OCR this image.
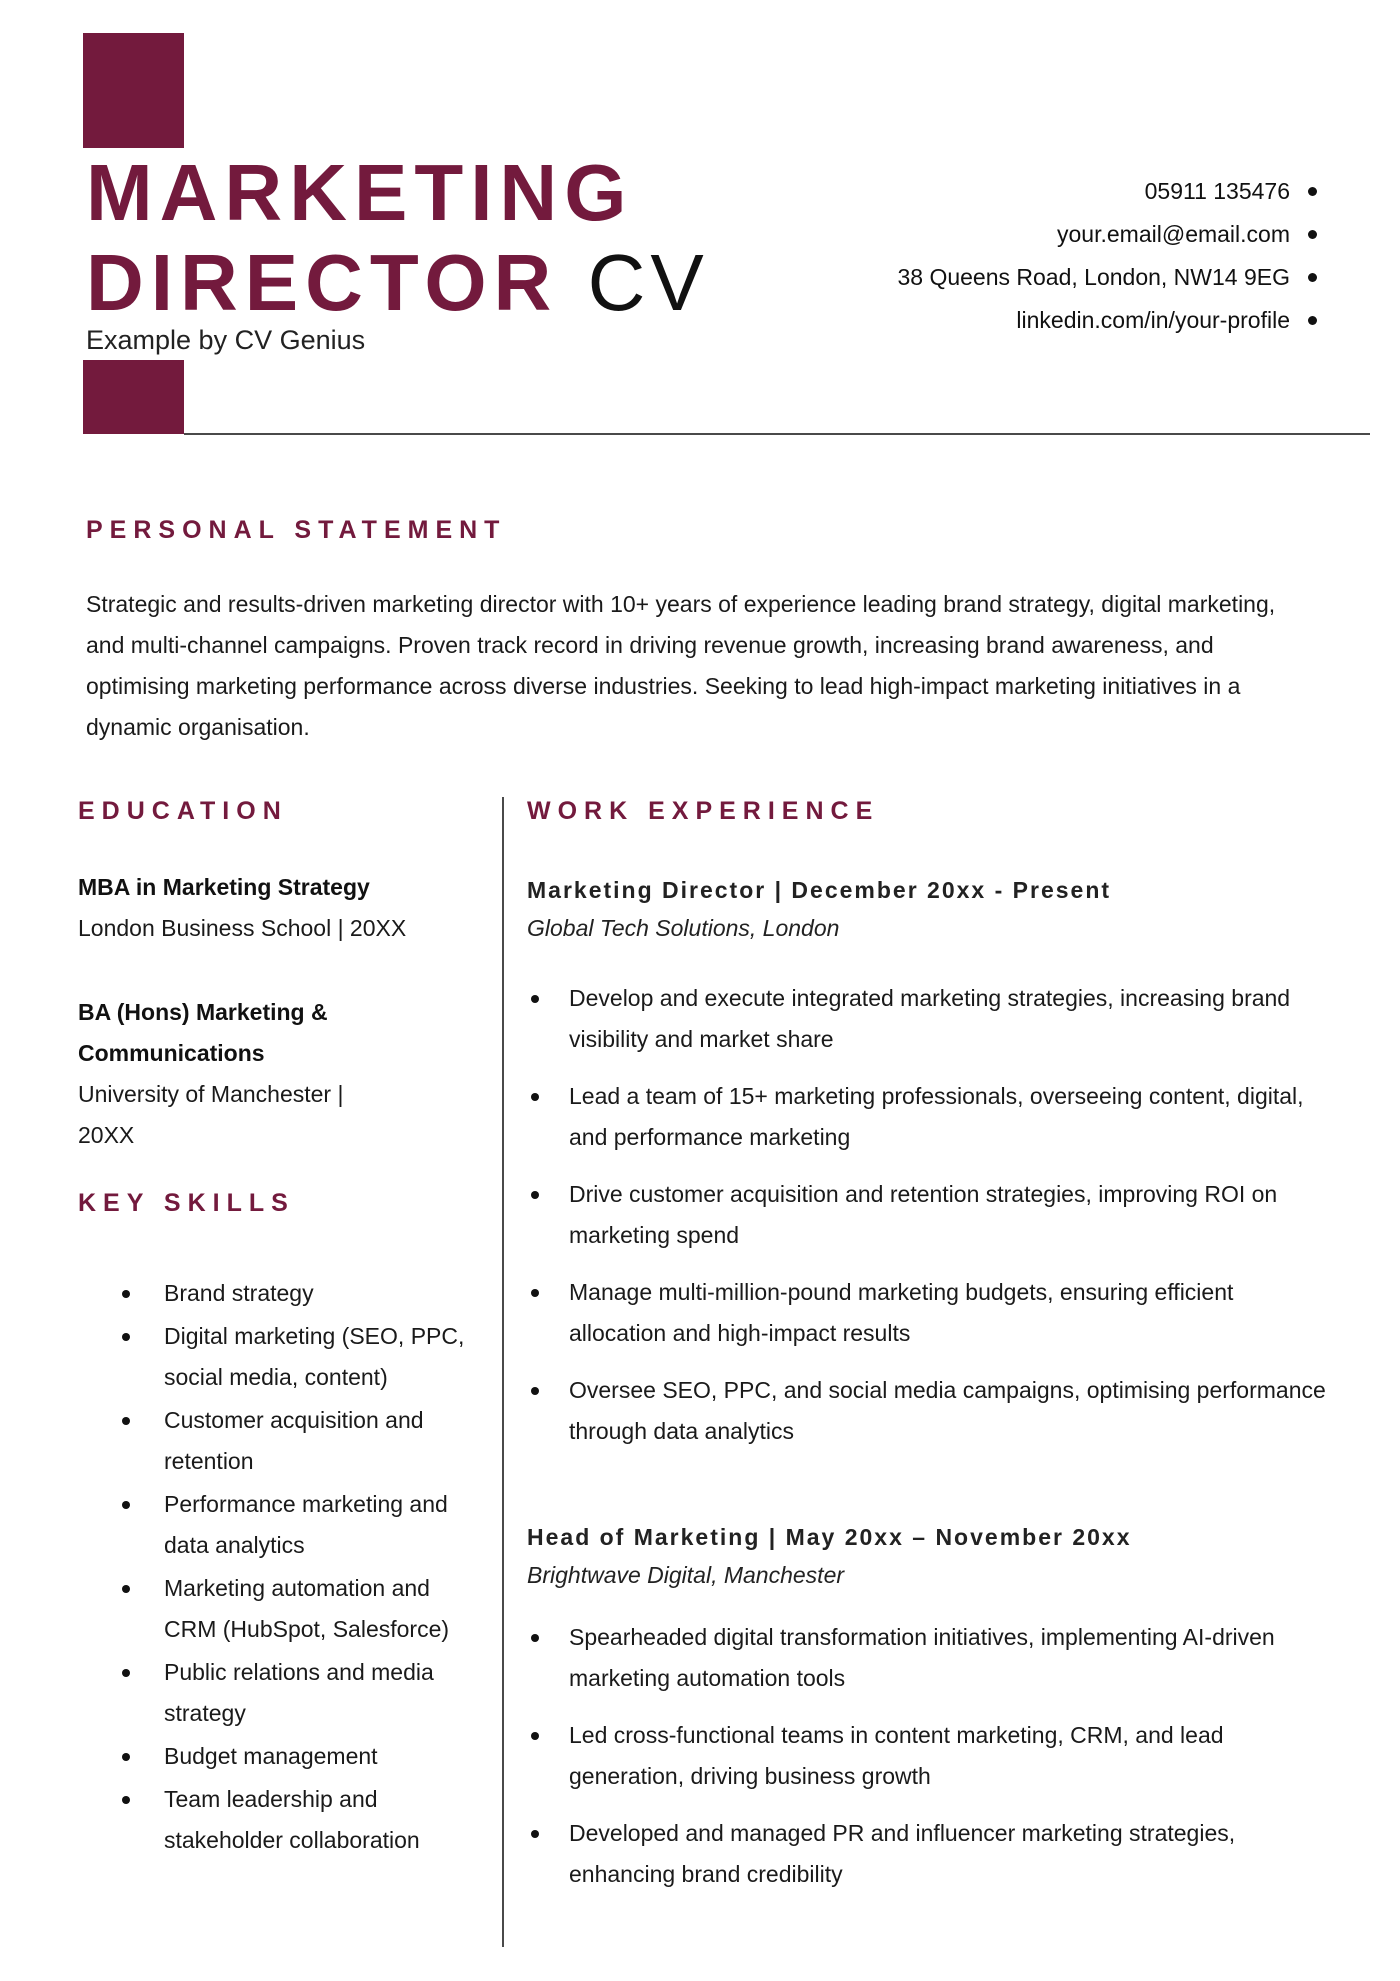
MARKETING
DIRECTOR CV
Example by CV Genius
05911 135476
your.email@email.com
38 Queens Road, London, NW14 9EG
linkedin.com/in/your-profile
PERSONAL STATEMENT
Strategic and results-driven marketing director with 10+ years of experience leading brand strategy, digital marketing, and multi-channel campaigns. Proven track record in driving revenue growth, increasing brand awareness, and optimising marketing performance across diverse industries. Seeking to lead high-impact marketing initiatives in a dynamic organisation.
EDUCATION
MBA in Marketing Strategy
London Business School | 20XX
BA (Hons) Marketing & Communications
University of Manchester | 20XX
KEY SKILLS
Brand strategy
Digital marketing (SEO, PPC, social media, content)
Customer acquisition and retention
Performance marketing and data analytics
Marketing automation and CRM (HubSpot, Salesforce)
Public relations and media strategy
Budget management
Team leadership and stakeholder collaboration
WORK EXPERIENCE
Marketing Director | December 20xx - Present
Global Tech Solutions, London
Develop and execute integrated marketing strategies, increasing brand visibility and market share
Lead a team of 15+ marketing professionals, overseeing content, digital, and performance marketing
Drive customer acquisition and retention strategies, improving ROI on marketing spend
Manage multi-million-pound marketing budgets, ensuring efficient allocation and high-impact results
Oversee SEO, PPC, and social media campaigns, optimising performance through data analytics
Head of Marketing | May 20xx – November 20xx
Brightwave Digital, Manchester
Spearheaded digital transformation initiatives, implementing AI-driven marketing automation tools
Led cross-functional teams in content marketing, CRM, and lead generation, driving business growth
Developed and managed PR and influencer marketing strategies, enhancing brand credibility
